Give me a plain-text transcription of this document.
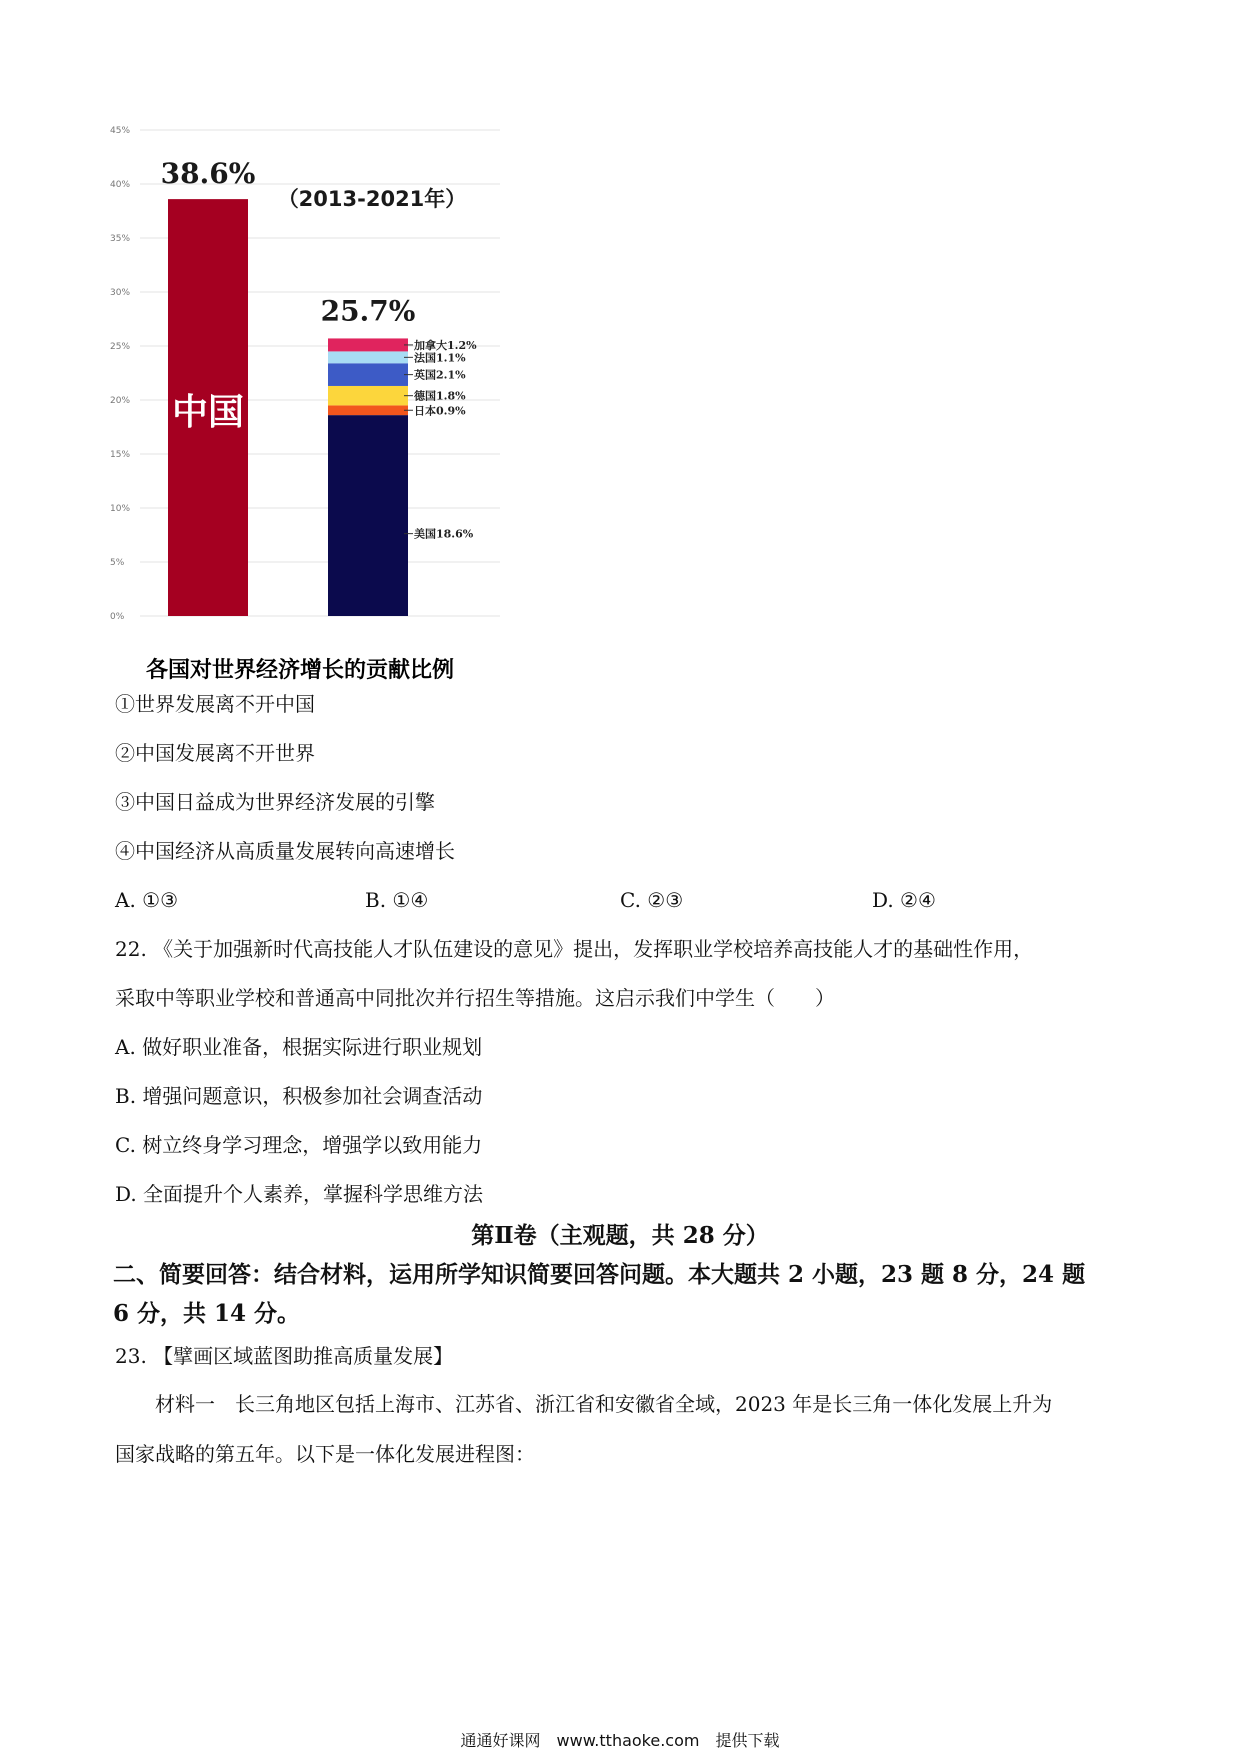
0%
5%
10%
15%
20%
25%
30%
35%
40%
45%
38.6%
中国
（2013-2021年）
25.7%
美国18.6%
日本0.9%
德国1.8%
英国2.1%
法国1.1%
加拿大1.2%
各国对世界经济增长的贡献比例
①世界发展离不开中国
②中国发展离不开世界
③中国日益成为世界经济发展的引擎
④中国经济从高质量发展转向高速增长
A. ①③	B. ①④	C. ②③	D. ②④
22. 《关于加强新时代高技能人才队伍建设的意见》提出，发挥职业学校培养高技能人才的基础性作用，
采取中等职业学校和普通高中同批次并行招生等措施。这启示我们中学生（　　）
A. 做好职业准备，根据实际进行职业规划
B. 增强问题意识，积极参加社会调查活动
C. 树立终身学习理念，增强学以致用能力
D. 全面提升个人素养，掌握科学思维方法
第Ⅱ卷（主观题，共 28 分）
二、简要回答：结合材料，运用所学知识简要回答问题。本大题共 2 小题，23 题 8 分，24 题
6 分，共 14 分。
23. 【擘画区域蓝图助推高质量发展】
材料一　长三角地区包括上海市、江苏省、浙江省和安徽省全域，2023 年是长三角一体化发展上升为
国家战略的第五年。以下是一体化发展进程图：
通通好课网　www.tthaoke.com　提供下载
